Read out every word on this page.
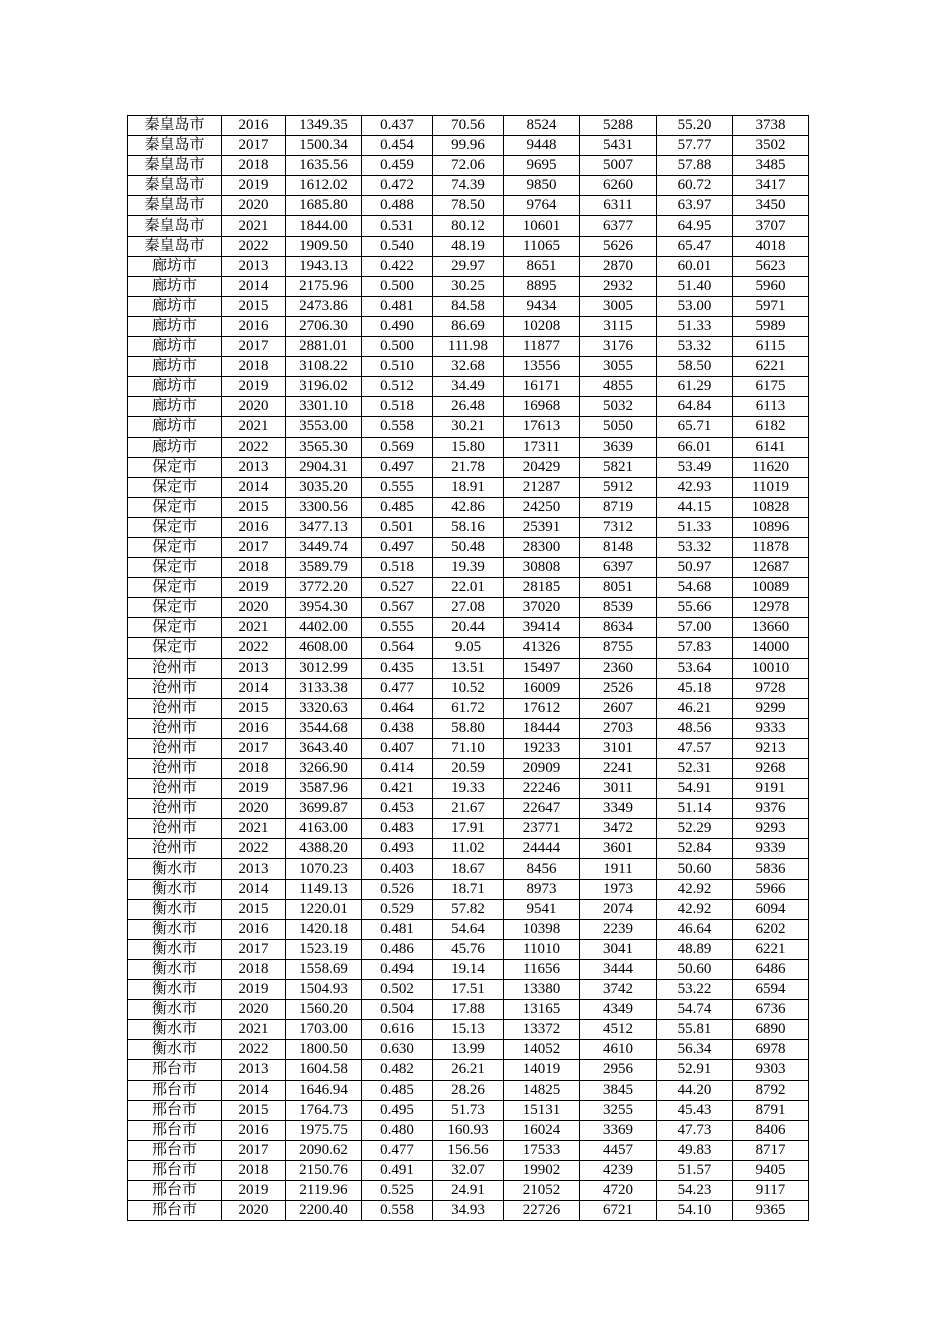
秦皇岛市	2016	1349.35	0.437	70.56	8524	5288	55.20	3738
秦皇岛市	2017	1500.34	0.454	99.96	9448	5431	57.77	3502
秦皇岛市	2018	1635.56	0.459	72.06	9695	5007	57.88	3485
秦皇岛市	2019	1612.02	0.472	74.39	9850	6260	60.72	3417
秦皇岛市	2020	1685.80	0.488	78.50	9764	6311	63.97	3450
秦皇岛市	2021	1844.00	0.531	80.12	10601	6377	64.95	3707
秦皇岛市	2022	1909.50	0.540	48.19	11065	5626	65.47	4018
廊坊市	2013	1943.13	0.422	29.97	8651	2870	60.01	5623
廊坊市	2014	2175.96	0.500	30.25	8895	2932	51.40	5960
廊坊市	2015	2473.86	0.481	84.58	9434	3005	53.00	5971
廊坊市	2016	2706.30	0.490	86.69	10208	3115	51.33	5989
廊坊市	2017	2881.01	0.500	111.98	11877	3176	53.32	6115
廊坊市	2018	3108.22	0.510	32.68	13556	3055	58.50	6221
廊坊市	2019	3196.02	0.512	34.49	16171	4855	61.29	6175
廊坊市	2020	3301.10	0.518	26.48	16968	5032	64.84	6113
廊坊市	2021	3553.00	0.558	30.21	17613	5050	65.71	6182
廊坊市	2022	3565.30	0.569	15.80	17311	3639	66.01	6141
保定市	2013	2904.31	0.497	21.78	20429	5821	53.49	11620
保定市	2014	3035.20	0.555	18.91	21287	5912	42.93	11019
保定市	2015	3300.56	0.485	42.86	24250	8719	44.15	10828
保定市	2016	3477.13	0.501	58.16	25391	7312	51.33	10896
保定市	2017	3449.74	0.497	50.48	28300	8148	53.32	11878
保定市	2018	3589.79	0.518	19.39	30808	6397	50.97	12687
保定市	2019	3772.20	0.527	22.01	28185	8051	54.68	10089
保定市	2020	3954.30	0.567	27.08	37020	8539	55.66	12978
保定市	2021	4402.00	0.555	20.44	39414	8634	57.00	13660
保定市	2022	4608.00	0.564	9.05	41326	8755	57.83	14000
沧州市	2013	3012.99	0.435	13.51	15497	2360	53.64	10010
沧州市	2014	3133.38	0.477	10.52	16009	2526	45.18	9728
沧州市	2015	3320.63	0.464	61.72	17612	2607	46.21	9299
沧州市	2016	3544.68	0.438	58.80	18444	2703	48.56	9333
沧州市	2017	3643.40	0.407	71.10	19233	3101	47.57	9213
沧州市	2018	3266.90	0.414	20.59	20909	2241	52.31	9268
沧州市	2019	3587.96	0.421	19.33	22246	3011	54.91	9191
沧州市	2020	3699.87	0.453	21.67	22647	3349	51.14	9376
沧州市	2021	4163.00	0.483	17.91	23771	3472	52.29	9293
沧州市	2022	4388.20	0.493	11.02	24444	3601	52.84	9339
衡水市	2013	1070.23	0.403	18.67	8456	1911	50.60	5836
衡水市	2014	1149.13	0.526	18.71	8973	1973	42.92	5966
衡水市	2015	1220.01	0.529	57.82	9541	2074	42.92	6094
衡水市	2016	1420.18	0.481	54.64	10398	2239	46.64	6202
衡水市	2017	1523.19	0.486	45.76	11010	3041	48.89	6221
衡水市	2018	1558.69	0.494	19.14	11656	3444	50.60	6486
衡水市	2019	1504.93	0.502	17.51	13380	3742	53.22	6594
衡水市	2020	1560.20	0.504	17.88	13165	4349	54.74	6736
衡水市	2021	1703.00	0.616	15.13	13372	4512	55.81	6890
衡水市	2022	1800.50	0.630	13.99	14052	4610	56.34	6978
邢台市	2013	1604.58	0.482	26.21	14019	2956	52.91	9303
邢台市	2014	1646.94	0.485	28.26	14825	3845	44.20	8792
邢台市	2015	1764.73	0.495	51.73	15131	3255	45.43	8791
邢台市	2016	1975.75	0.480	160.93	16024	3369	47.73	8406
邢台市	2017	2090.62	0.477	156.56	17533	4457	49.83	8717
邢台市	2018	2150.76	0.491	32.07	19902	4239	51.57	9405
邢台市	2019	2119.96	0.525	24.91	21052	4720	54.23	9117
邢台市	2020	2200.40	0.558	34.93	22726	6721	54.10	9365
